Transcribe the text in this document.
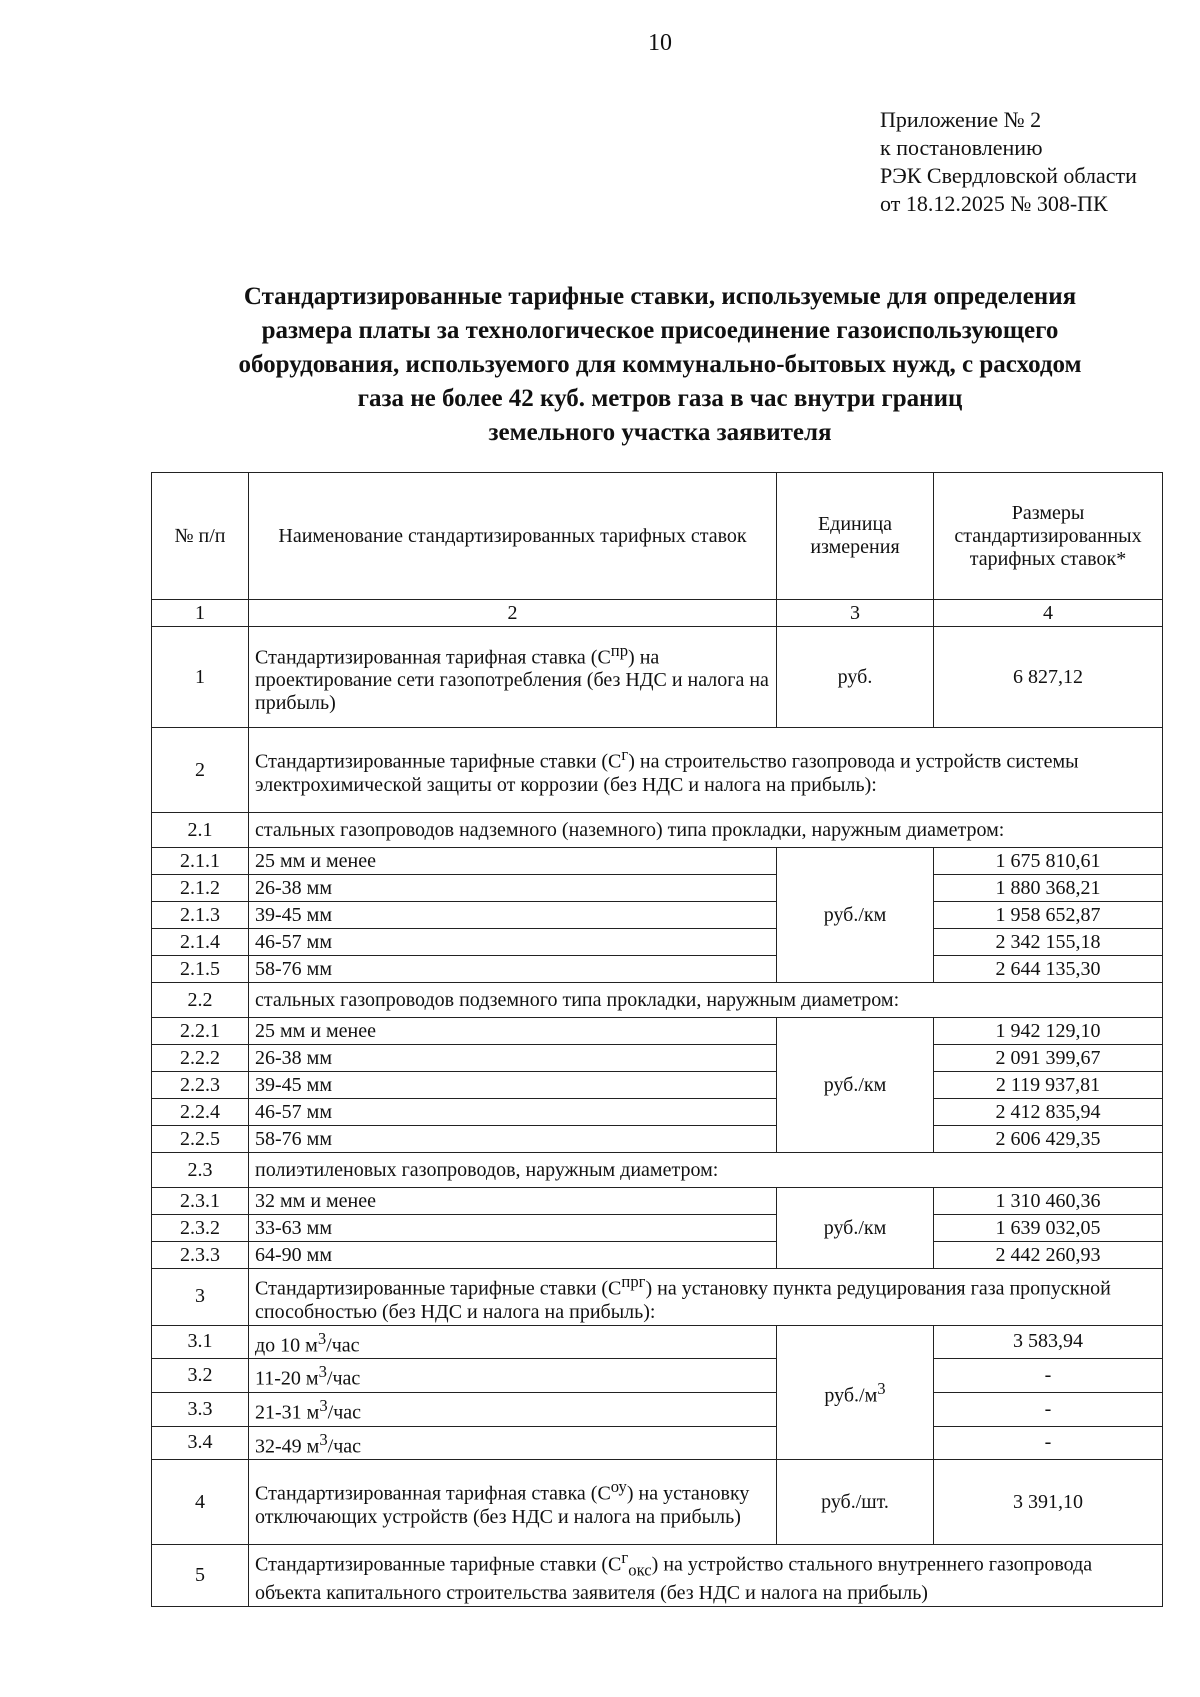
10
Приложение № 2
к постановлению
РЭК Свердловской области
от 18.12.2025 № 308-ПК
Стандартизированные тарифные ставки, используемые для определения
размера платы за технологическое присоединение газоиспользующего
оборудования, используемого для коммунально-бытовых нужд, с расходом
газа не более 42 куб. метров газа в час внутри границ
земельного участка заявителя
№ п/п	Наименование стандартизированных тарифных ставок	Единица измерения	Размеры стандартизированных тарифных ставок*
1	2	3	4
1	Стандартизированная тарифная ставка $(С^{пр})$ на проектирование сети газопотребления (без НДС и налога на прибыль)	руб.	6 827,12
2	Стандартизированные тарифные ставки $(С^г)$ на строительство газопровода и устройств системы электрохимической защиты от коррозии (без НДС и налога на прибыль):		
2.1	стальных газопроводов надземного (наземного) типа прокладки, наружным диаметром:		
2.1.1	25 мм и менее	руб./км	1 675 810,61
2.1.2	26-38 мм		1 880 368,21
2.1.3	39-45 мм		1 958 652,87
2.1.4	46-57 мм		2 342 155,18
2.1.5	58-76 мм		2 644 135,30
2.2	стальных газопроводов подземного типа прокладки, наружным диаметром:		
2.2.1	25 мм и менее	руб./км	1 942 129,10
2.2.2	26-38 мм		2 091 399,67
2.2.3	39-45 мм		2 119 937,81
2.2.4	46-57 мм		2 412 835,94
2.2.5	58-76 мм		2 606 429,35
2.3	полиэтиленовых газопроводов, наружным диаметром:		
2.3.1	32 мм и менее	руб./км	1 310 460,36
2.3.2	33-63 мм		1 639 032,05
2.3.3	64-90 мм		2 442 260,93
3	Стандартизированные тарифные ставки $(С^{прг})$ на установку пункта редуцирования газа пропускной способностью (без НДС и налога на прибыль):		
3.1	до 10 $м^3$/час	$руб./м^3$	3 583,94
3.2	11-20 $м^3$/час		-
3.3	21-31 $м^3$/час		-
3.4	32-49 $м^3$/час		-
4	Стандартизированная тарифная ставка $(С^{оу})$ на установку отключающих устройств (без НДС и налога на прибыль)	руб./шт.	3 391,10
5	Стандартизированные тарифные ставки $(С^г_{окс})$ на устройство стального внутреннего газопровода объекта капитального строительства заявителя (без НДС и налога на прибыль)		
